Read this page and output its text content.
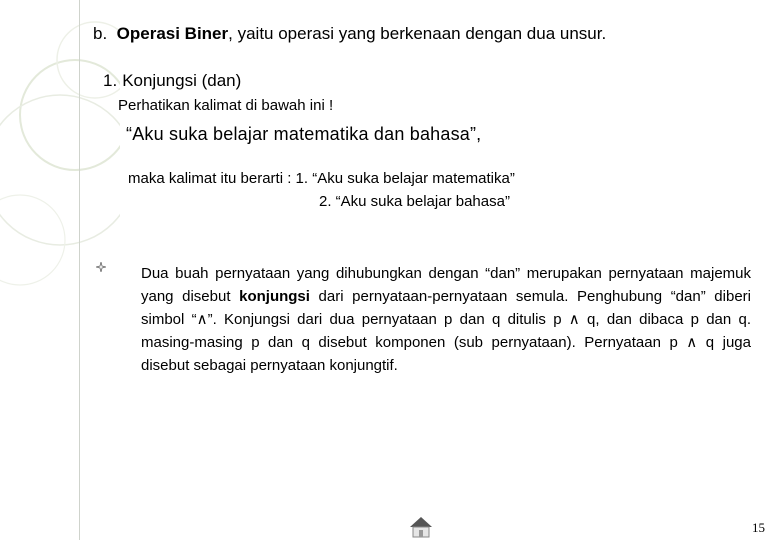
b. Operasi Biner, yaitu operasi yang berkenaan dengan dua unsur.
1. Konjungsi (dan)
Perhatikan kalimat di bawah ini !
“Aku suka belajar matematika dan bahasa”,
maka kalimat itu berarti : 1. “Aku suka belajar matematika”
2. “Aku suka belajar bahasa”

Dua buah pernyataan yang dihubungkan dengan “dan” merupakan pernyataan majemuk yang disebut konjungsi dari pernyataan-pernyataan semula. Penghubung “dan” diberi simbol “∧”. Konjungsi dari dua pernyataan p dan q ditulis p ∧ q, dan dibaca p dan q. masing-masing p dan q disebut komponen (sub pernyataan). Pernyataan p ∧ q juga disebut sebagai pernyataan konjungtif.

15
